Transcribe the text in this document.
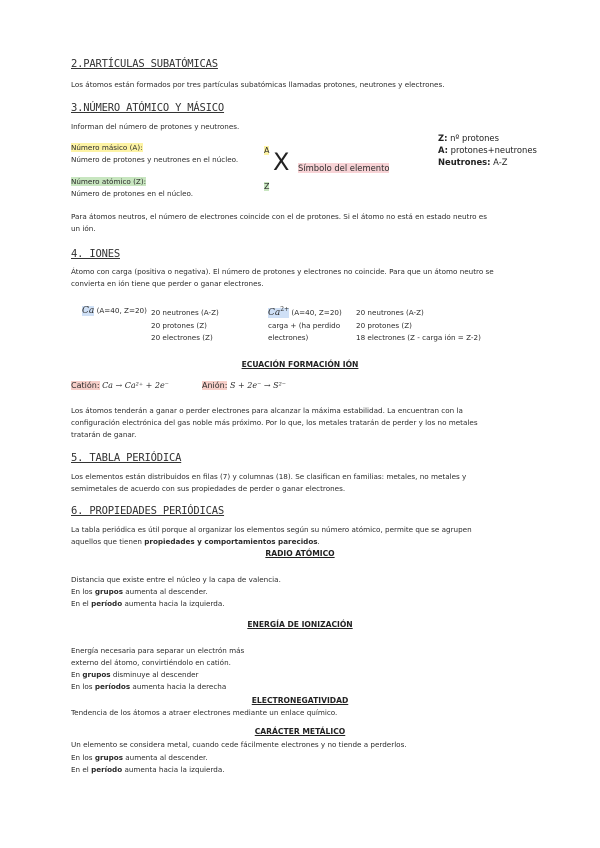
2.PARTÍCULAS SUBATÓMICAS
Los átomos están formados por tres partículas subatómicas llamadas protones, neutrones y electrones.
3.NÚMERO ATÓMICO Y MÁSICO
Informan del número de protones y neutrones.
Número másico (A):
Número de protones y neutrones en el núcleo.
Número atómico (Z):
Número de protones en el núcleo.
A X
Z
Símbolo del elemento
Z: nº protones
A: protones+neutrones
Neutrones: A-Z
Para átomos neutros, el número de electrones coincide con el de protones. Si el átomo no está en estado neutro es
un ión.
4. IONES
Átomo con carga (positiva o negativa). El número de protones y electrones no coincide. Para que un átomo neutro se
convierta en ión tiene que perder o ganar electrones.
Ca (A=40, Z=20) 20 neutrones (A-Z)
20 protones (Z)
20 electrones (Z)
$Ca^{2+}$ (A=40, Z=20)
carga + (ha perdido
electrones)
20 neutrones (A-Z)
20 protones (Z)
18 electrones (Z - carga ión = Z-2)
ECUACIÓN FORMACIÓN IÓN
Catión: Ca → Ca²⁺ + 2e⁻	Anión: S + 2e⁻ → S²⁻
Los átomos tenderán a ganar o perder electrones para alcanzar la máxima estabilidad. La encuentran con la
configuración electrónica del gas noble más próximo. Por lo que, los metales tratarán de perder y los no metales
tratarán de ganar.
5. TABLA PERIÓDICA
Los elementos están distribuidos en filas (7) y columnas (18). Se clasifican en familias: metales, no metales y
semimetales de acuerdo con sus propiedades de perder o ganar electrones.
6. PROPIEDADES PERIÓDICAS
La tabla periódica es útil porque al organizar los elementos según su número atómico, permite que se agrupen
aquellos que tienen propiedades y comportamientos parecidos.
RADIO ATÓMICO
Distancia que existe entre el núcleo y la capa de valencia.
En los grupos aumenta al descender.
En el período aumenta hacia la izquierda.
ENERGÍA DE IONIZACIÓN
Energía necesaria para separar un electrón más
externo del átomo, convirtiéndolo en catión.
En grupos disminuye al descender
En los períodos aumenta hacia la derecha
ELECTRONEGATIVIDAD
Tendencia de los átomos a atraer electrones mediante un enlace químico.
CARÁCTER METÁLICO
Un elemento se considera metal, cuando cede fácilmente electrones y no tiende a perderlos.
En los grupos aumenta al descender.
En el período aumenta hacia la izquierda.
